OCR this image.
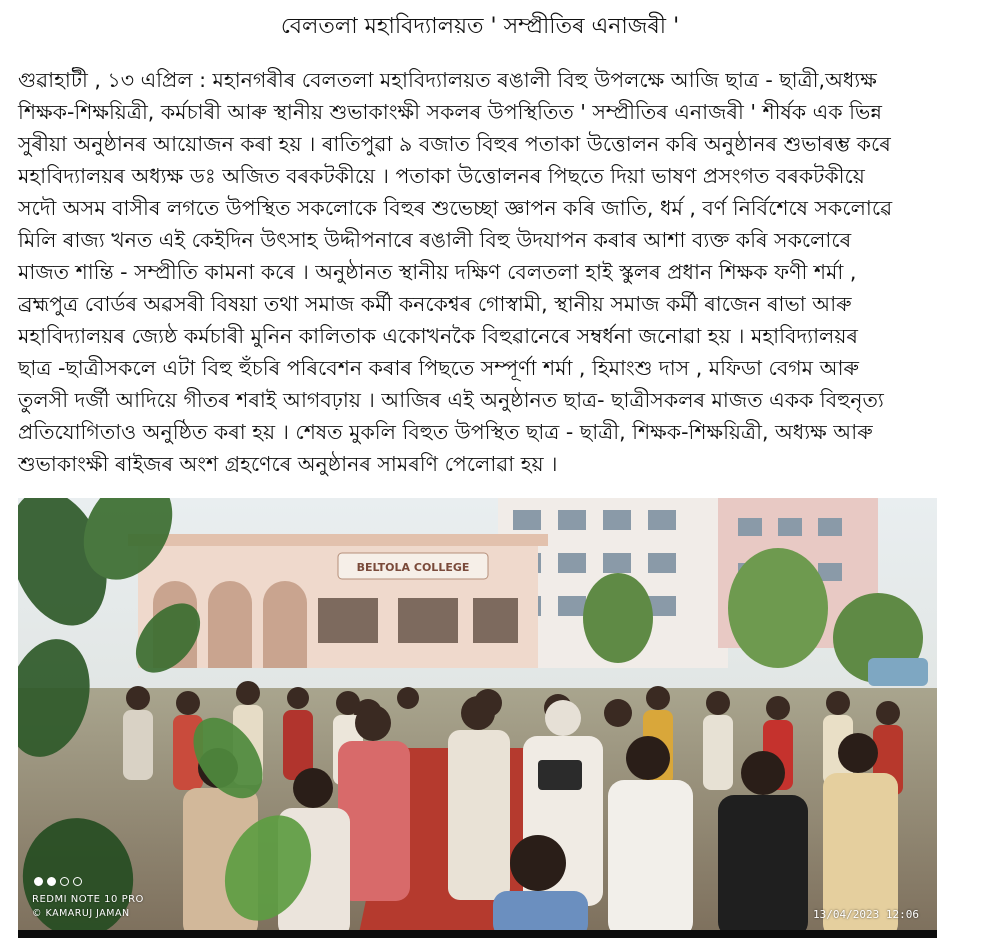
বেলতলা মহাবিদ্যালয়ত ' সম্প্ৰীতিৰ এনাজৰী '
গুৱাহাটী , ১৩ এপ্ৰিল : মহানগৰীৰ বেলতলা মহাবিদ্যালয়ত ৰঙালী বিহু উপলক্ষে আজি ছাত্ৰ - ছাত্ৰী,অধ্যক্ষ
শিক্ষক-শিক্ষয়িত্ৰী, কৰ্মচাৰী আৰু স্থানীয় শুভাকাংক্ষী সকলৰ উপস্থিতিত ' সম্প্ৰীতিৰ এনাজৰী ' শীৰ্ষক এক ভিন্ন
সুৰীয়া অনুষ্ঠানৰ আয়োজন কৰা হয় । ৰাতিপুৱা ৯ বজাত বিহুৰ পতাকা উত্তোলন কৰি অনুষ্ঠানৰ শুভাৰম্ভ কৰে
মহাবিদ্যালয়ৰ অধ্যক্ষ ডঃ অজিত বৰকটকীয়ে । পতাকা উত্তোলনৰ পিছতে দিয়া ভাষণ প্ৰসংগত বৰকটকীয়ে
সদৌ অসম বাসীৰ লগতে উপস্থিত সকলোকে বিহুৰ শুভেচ্ছা জ্ঞাপন কৰি জাতি, ধৰ্ম , বৰ্ণ নিৰ্বিশেষে সকলোৱে
মিলি ৰাজ্য খনত এই কেইদিন উৎসাহ উদ্দীপনাৰে ৰঙালী বিহু উদযাপন কৰাৰ আশা ব্যক্ত কৰি সকলোৰে
মাজত শান্তি - সম্প্ৰীতি কামনা কৰে । অনুষ্ঠানত স্থানীয় দক্ষিণ বেলতলা হাই স্কুলৰ প্ৰধান শিক্ষক ফণী শৰ্মা ,
ব্ৰহ্মপুত্ৰ বোৰ্ডৰ অৱসৰী বিষয়া তথা সমাজ কৰ্মী কনকেশ্বৰ গোস্বামী, স্থানীয় সমাজ কৰ্মী ৰাজেন ৰাভা আৰু
মহাবিদ্যালয়ৰ জ্যেষ্ঠ কৰ্মচাৰী মুনিন কালিতাক একোখনকৈ বিহুৱানেৰে সম্বৰ্ধনা জনোৱা হয় । মহাবিদ্যালয়ৰ
ছাত্ৰ -ছাত্ৰীসকলে এটা বিহু হুঁচৰি পৰিবেশন কৰাৰ পিছতে সম্পূৰ্ণা শৰ্মা , হিমাংশু দাস , মফিডা বেগম আৰু
তুলসী দৰ্জী আদিয়ে গীতৰ শৰাই আগবঢ়ায় । আজিৰ এই অনুষ্ঠানত ছাত্ৰ- ছাত্ৰীসকলৰ মাজত একক বিহুনৃত্য
প্ৰতিযোগিতাও অনুষ্ঠিত কৰা হয় । শেষত মুকলি বিহুত উপস্থিত ছাত্ৰ - ছাত্ৰী, শিক্ষক-শিক্ষয়িত্ৰী, অধ্যক্ষ আৰু
শুভাকাংক্ষী ৰাইজৰ অংশ গ্ৰহণেৰে অনুষ্ঠানৰ সামৰণি পেলোৱা হয় ।
BELTOLA COLLEGE
REDMI NOTE 10 PRO
© KAMARUJ JAMAN	13/04/2023 12:06
